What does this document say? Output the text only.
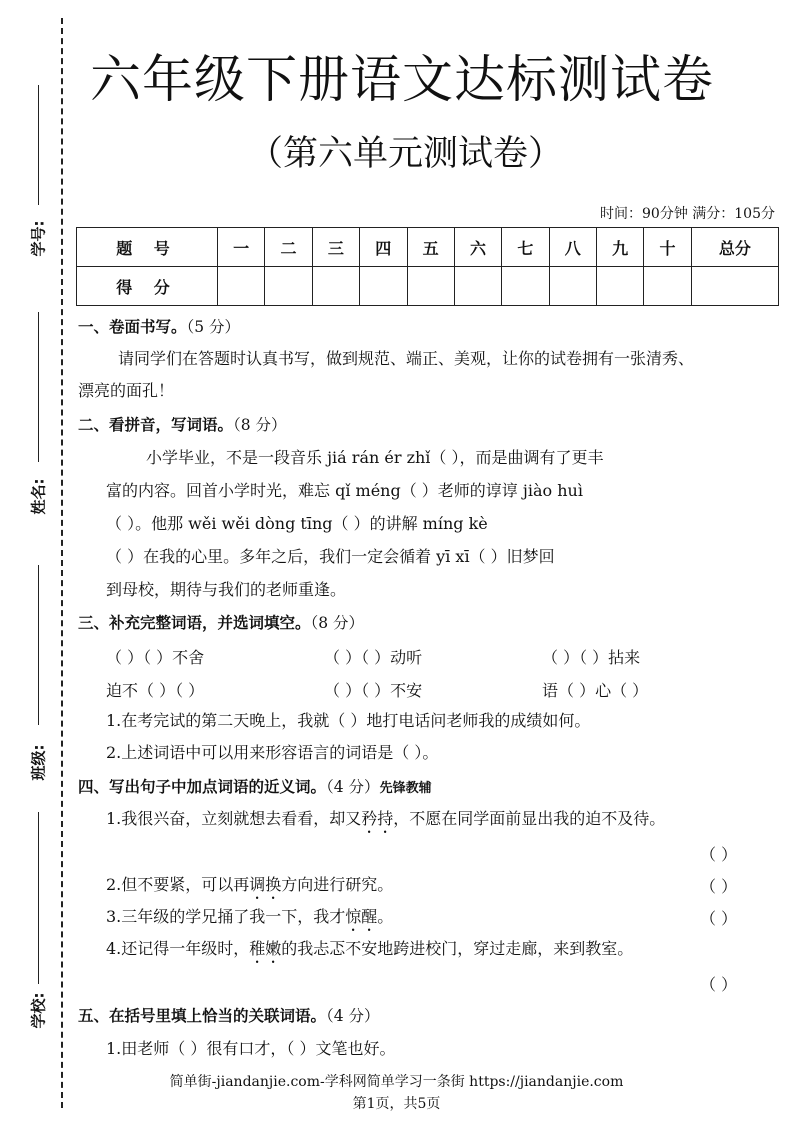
学号:
姓名:
班级:
学校:
六年级下册语文达标测试卷
（第六单元测试卷）
时间：90分钟 满分：105分
题 号	一	二	三	四	五	六	七	八	九	十	总分
得 分											
一、卷面书写。（5 分）
请同学们在答题时认真书写，做到规范、端正、美观，让你的试卷拥有一张清秀、
漂亮的面孔！
二、看拼音，写词语。（8 分）
小学毕业，不是一段音乐 jiá rán ér zhǐ（ ），而是曲调有了更丰
富的内容。回首小学时光，难忘 qǐ méng（ ）老师的谆谆 jiào huì
（ ）。他那 wěi wěi dòng tīng（ ）的讲解 míng kè
（ ）在我的心里。多年之后，我们一定会循着 yī xī（ ）旧梦回
到母校，期待与我们的老师重逢。
三、补充完整词语，并选词填空。（8 分）
（ ）（ ）不舍	（ ）（ ）动听	（ ）（ ）拈来
迫不（ ）（ ）	（ ）（ ）不安	语（ ）心（ ）
1.在考完试的第二天晚上，我就（ ）地打电话问老师我的成绩如何。
2.上述词语中可以用来形容语言的词语是（ ）。
四、写出句子中加点词语的近义词。（4 分）先锋教辅
1.我很兴奋，立刻就想去看看，却又矜持，不愿在同学面前显出我的迫不及待。
（ ）
2.但不要紧，可以再调换方向进行研究。	（ ）
3.三年级的学兄捅了我一下，我才惊醒。	（ ）
4.还记得一年级时，稚嫩的我忐忑不安地跨进校门，穿过走廊，来到教室。
（ ）
五、在括号里填上恰当的关联词语。（4 分）
1.田老师（ ）很有口才，（ ）文笔也好。
简单街-jiandanjie.com-学科网简单学习一条街 https://jiandanjie.com
第1页，共5页
